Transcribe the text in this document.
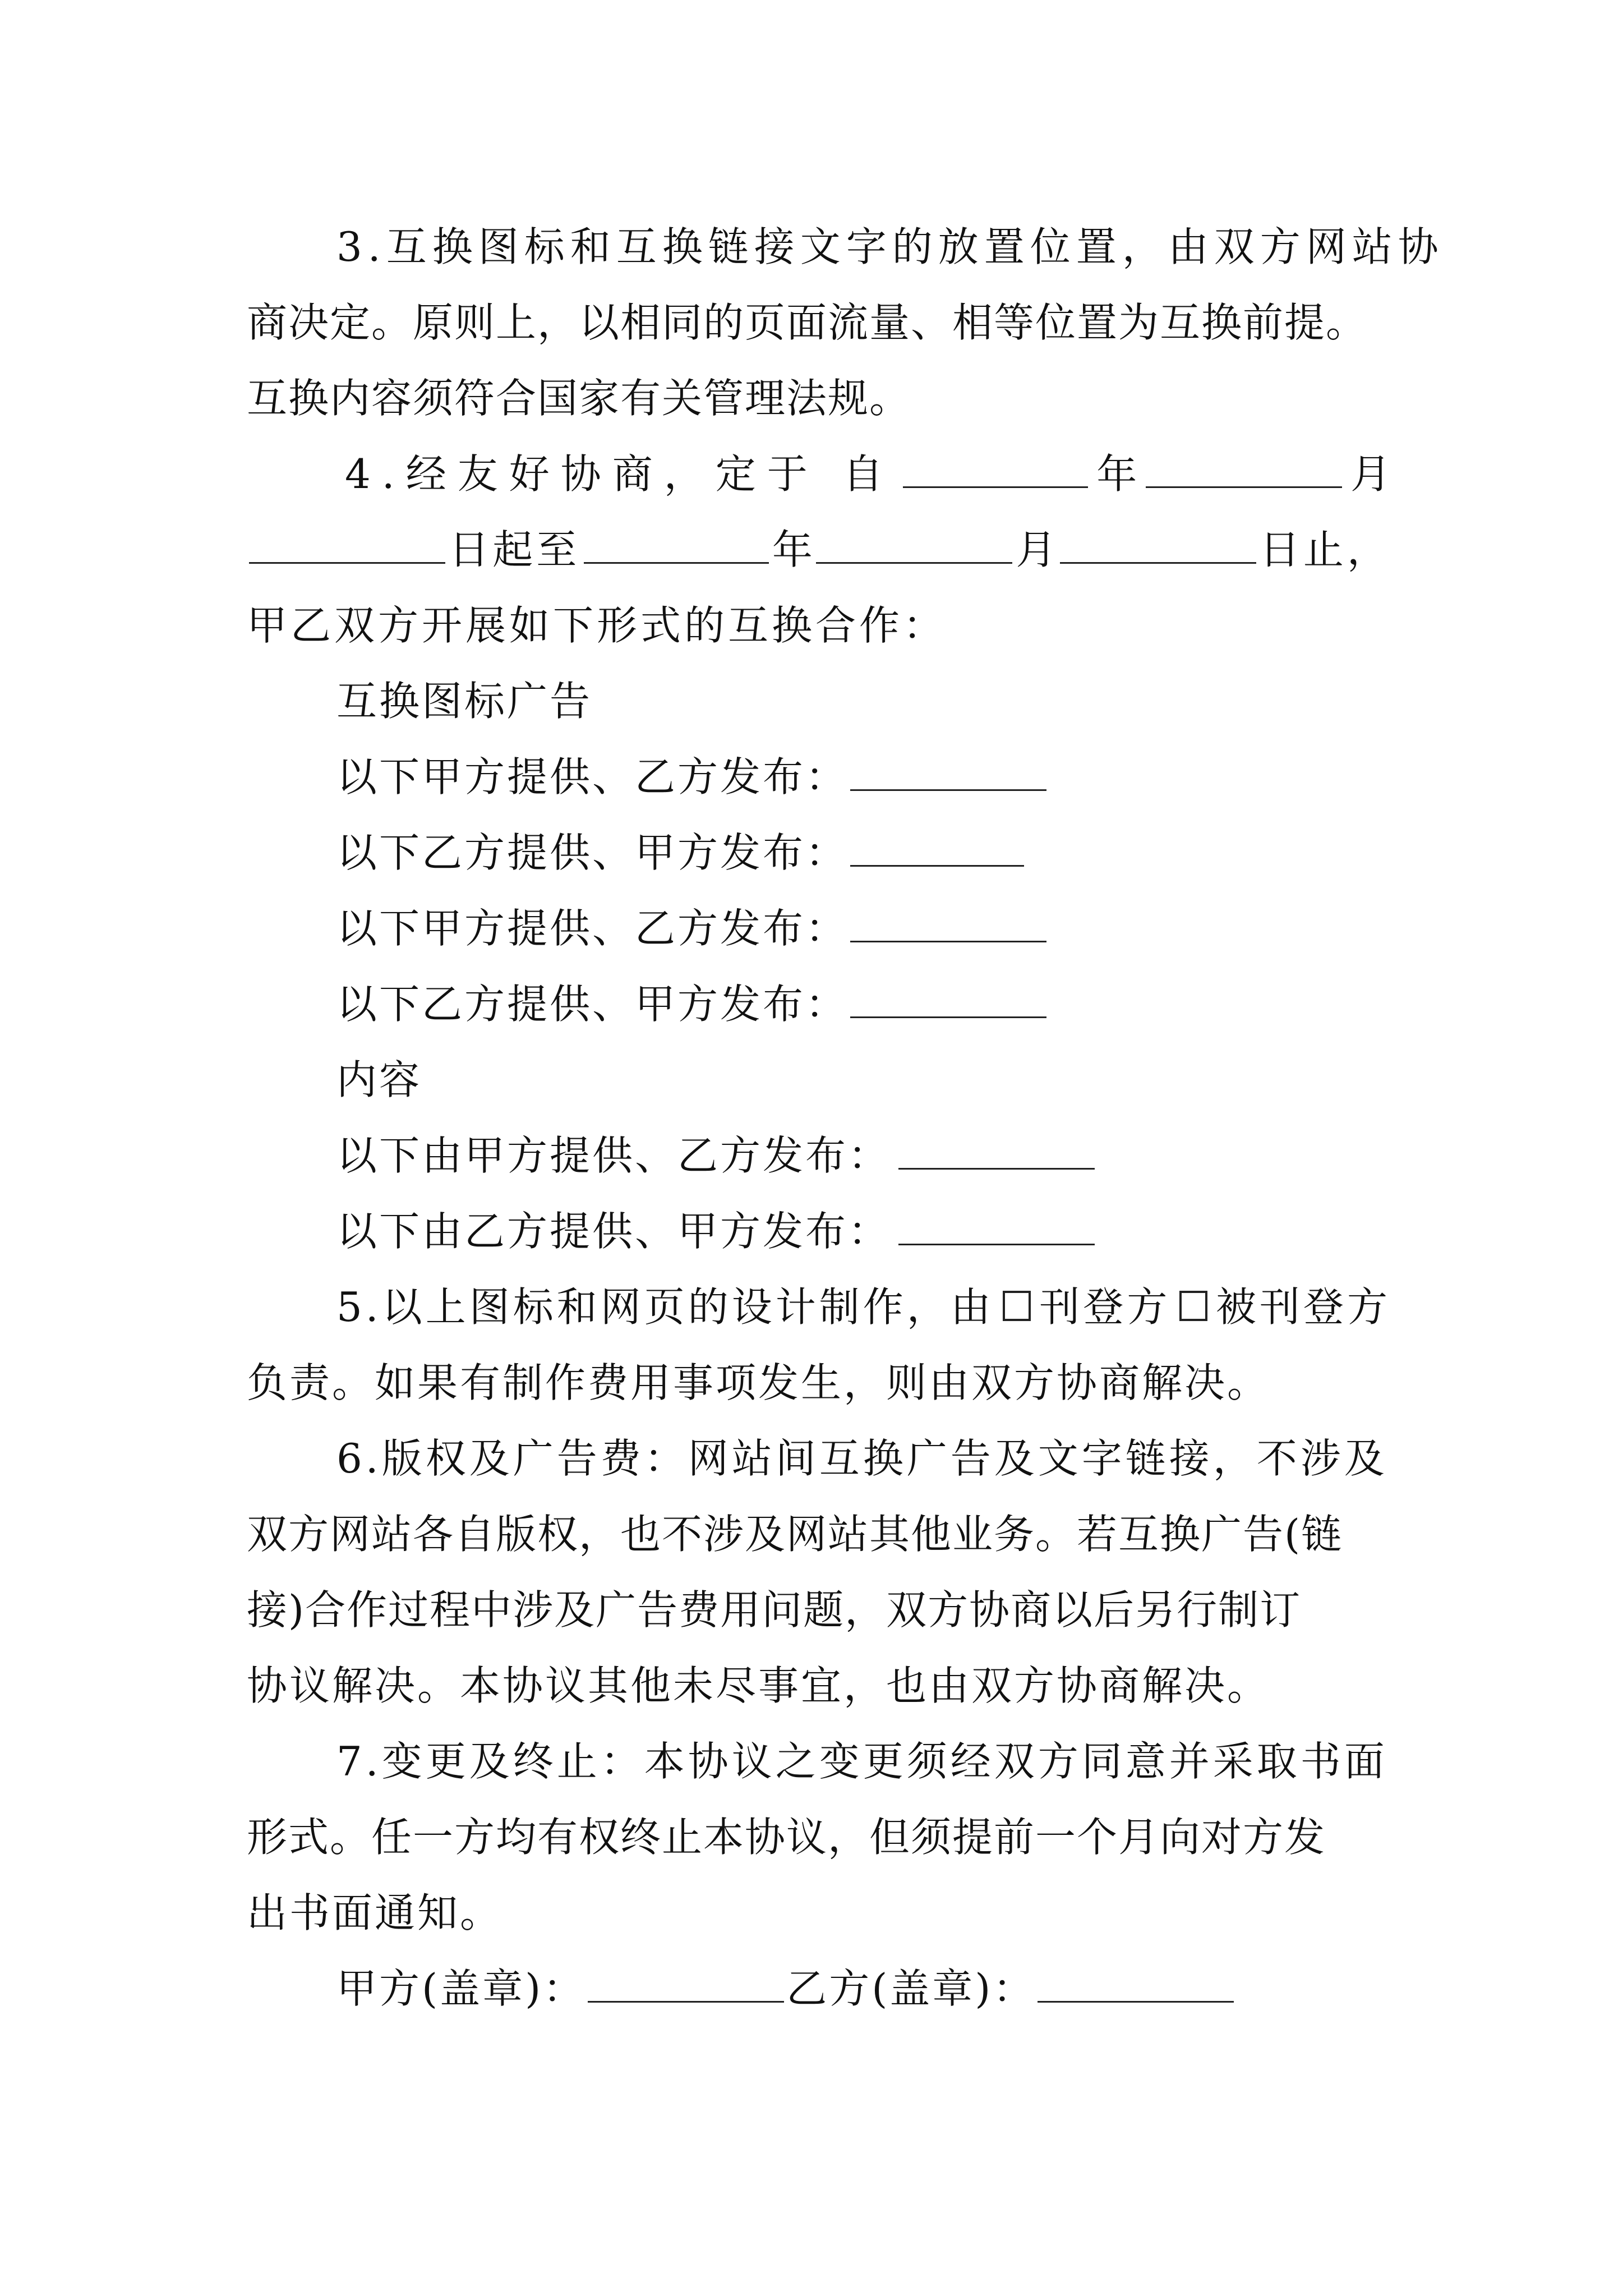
3.互换图标和互换链接文字的放置位置，由双方网站协
商决定。原则上，以相同的页面流量、相等位置为互换前提。
互换内容须符合国家有关管理法规。
4.经友好协商，定于 自	年	月
日起至	年	月	日止，
甲乙双方开展如下形式的互换合作：
互换图标广告
以下甲方提供、乙方发布：
以下乙方提供、甲方发布：
以下甲方提供、乙方发布：
以下乙方提供、甲方发布：
内容
以下由甲方提供、乙方发布：
以下由乙方提供、甲方发布：
5.以上图标和网页的设计制作，由 刊登方 被刊登方
负责。如果有制作费用事项发生，则由双方协商解决。
6.版权及广告费：网站间互换广告及文字链接，不涉及
双方网站各自版权，也不涉及网站其他业务。若互换广告(链
接)合作过程中涉及广告费用问题，双方协商以后另行制订
协议解决。本协议其他未尽事宜，也由双方协商解决。
7.变更及终止：本协议之变更须经双方同意并采取书面
形式。任一方均有权终止本协议，但须提前一个月向对方发
出书面通知。
甲方(盖章)：	乙方(盖章)：
